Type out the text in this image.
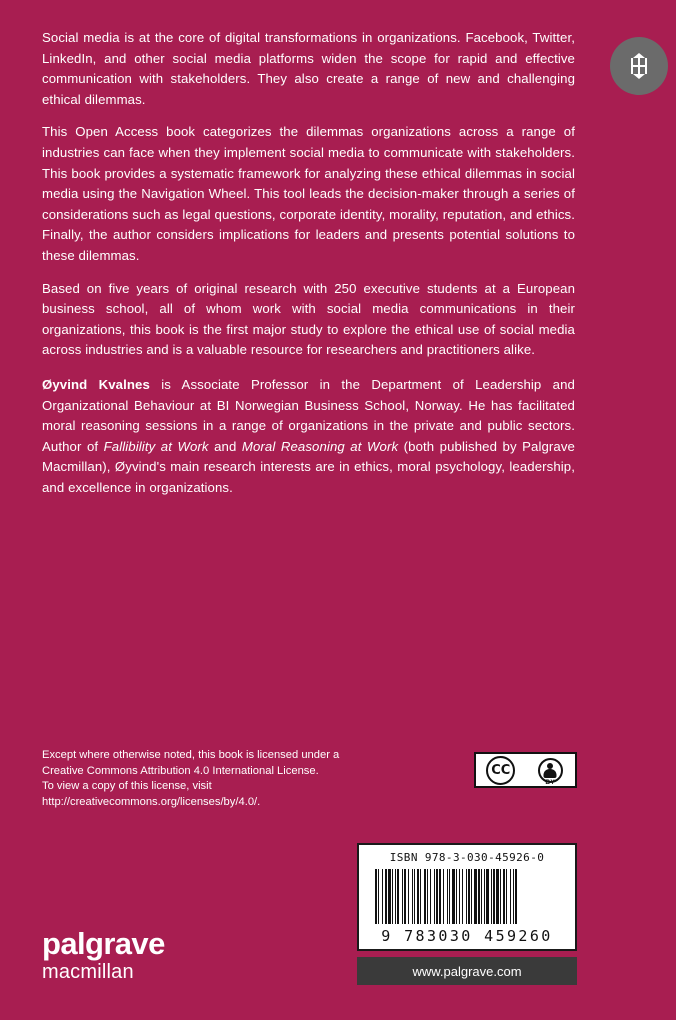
Social media is at the core of digital transformations in organizations. Facebook, Twitter, LinkedIn, and other social media platforms widen the scope for rapid and effective communication with stakeholders. They also create a range of new and challenging ethical dilemmas.

This Open Access book categorizes the dilemmas organizations across a range of industries can face when they implement social media to communicate with stakeholders. This book provides a systematic framework for analyzing these ethical dilemmas in social media using the Navigation Wheel. This tool leads the decision-maker through a series of considerations such as legal questions, corporate identity, morality, reputation, and ethics. Finally, the author considers implications for leaders and presents potential solutions to these dilemmas.

Based on five years of original research with 250 executive students at a European business school, all of whom work with social media communications in their organizations, this book is the first major study to explore the ethical use of social media across industries and is a valuable resource for researchers and practitioners alike.

Øyvind Kvalnes is Associate Professor in the Department of Leadership and Organizational Behaviour at BI Norwegian Business School, Norway. He has facilitated moral reasoning sessions in a range of organizations in the private and public sectors. Author of Fallibility at Work and Moral Reasoning at Work (both published by Palgrave Macmillan), Øyvind's main research interests are in ethics, moral psychology, leadership, and excellence in organizations.

Except where otherwise noted, this book is licensed under a
Creative Commons Attribution 4.0 International License.
To view a copy of this license, visit
http://creativecommons.org/licenses/by/4.0/.
CC
BY
ISBN 978-3-030-45926-0
9 783030 459260
www.palgrave.com
palgrave
macmillan
